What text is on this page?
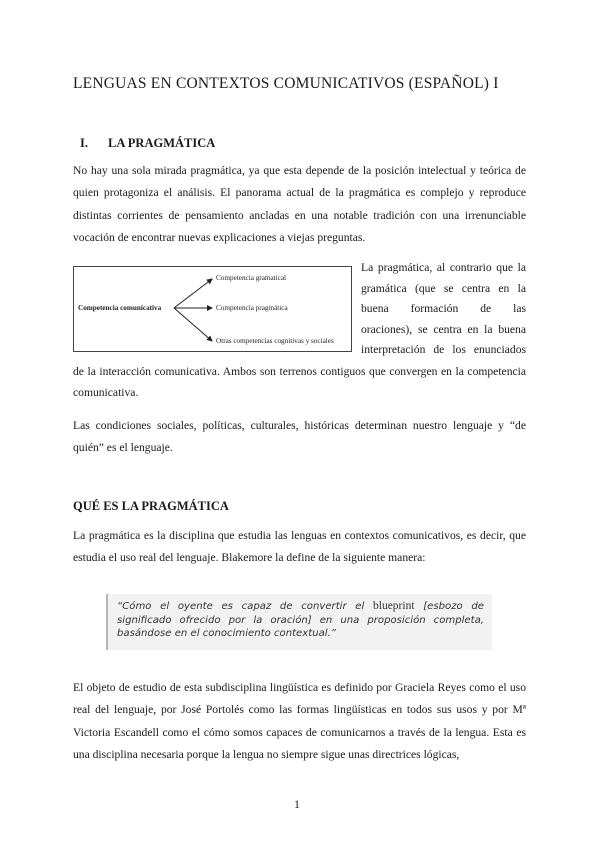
LENGUAS EN CONTEXTOS COMUNICATIVOS (ESPAÑOL) I
I. LA PRAGMÁTICA

No hay una sola mirada pragmática, ya que esta depende de la posición intelectual y teórica de quien protagoniza el análisis. El panorama actual de la pragmática es complejo y reproduce distintas corrientes de pensamiento ancladas en una notable tradición con una irrenunciable vocación de encontrar nuevas explicaciones a viejas preguntas.

Competencia comunicativa
Competencia gramatical
Competencia pragmática
Otras competencias cognitivas y sociales

La pragmática, al contrario que la
gramática (que se centra en la
buena formación de las
oraciones), se centra en la buena
interpretación de los enunciados

de la interacción comunicativa. Ambos son terrenos contiguos que convergen en la competencia comunicativa.

Las condiciones sociales, políticas, culturales, históricas determinan nuestro lenguaje y “de quién” es el lenguaje.

QUÉ ES LA PRAGMÁTICA

La pragmática es la disciplina que estudia las lenguas en contextos comunicativos, es decir, que estudia el uso real del lenguaje. Blakemore la define de la siguiente manera:

“Cómo el oyente es capaz de convertir el blueprint [esbozo de significado ofrecido por la oración] en una proposición completa, basándose en el conocimiento contextual.”

El objeto de estudio de esta subdisciplina lingüística es definido por Graciela Reyes como el uso real del lenguaje, por José Portolés como las formas lingüísticas en todos sus usos y por Mª Victoria Escandell como el cómo somos capaces de comunicarnos a través de la lengua. Esta es una disciplina necesaria porque la lengua no siempre sigue unas directrices lógicas,

1
